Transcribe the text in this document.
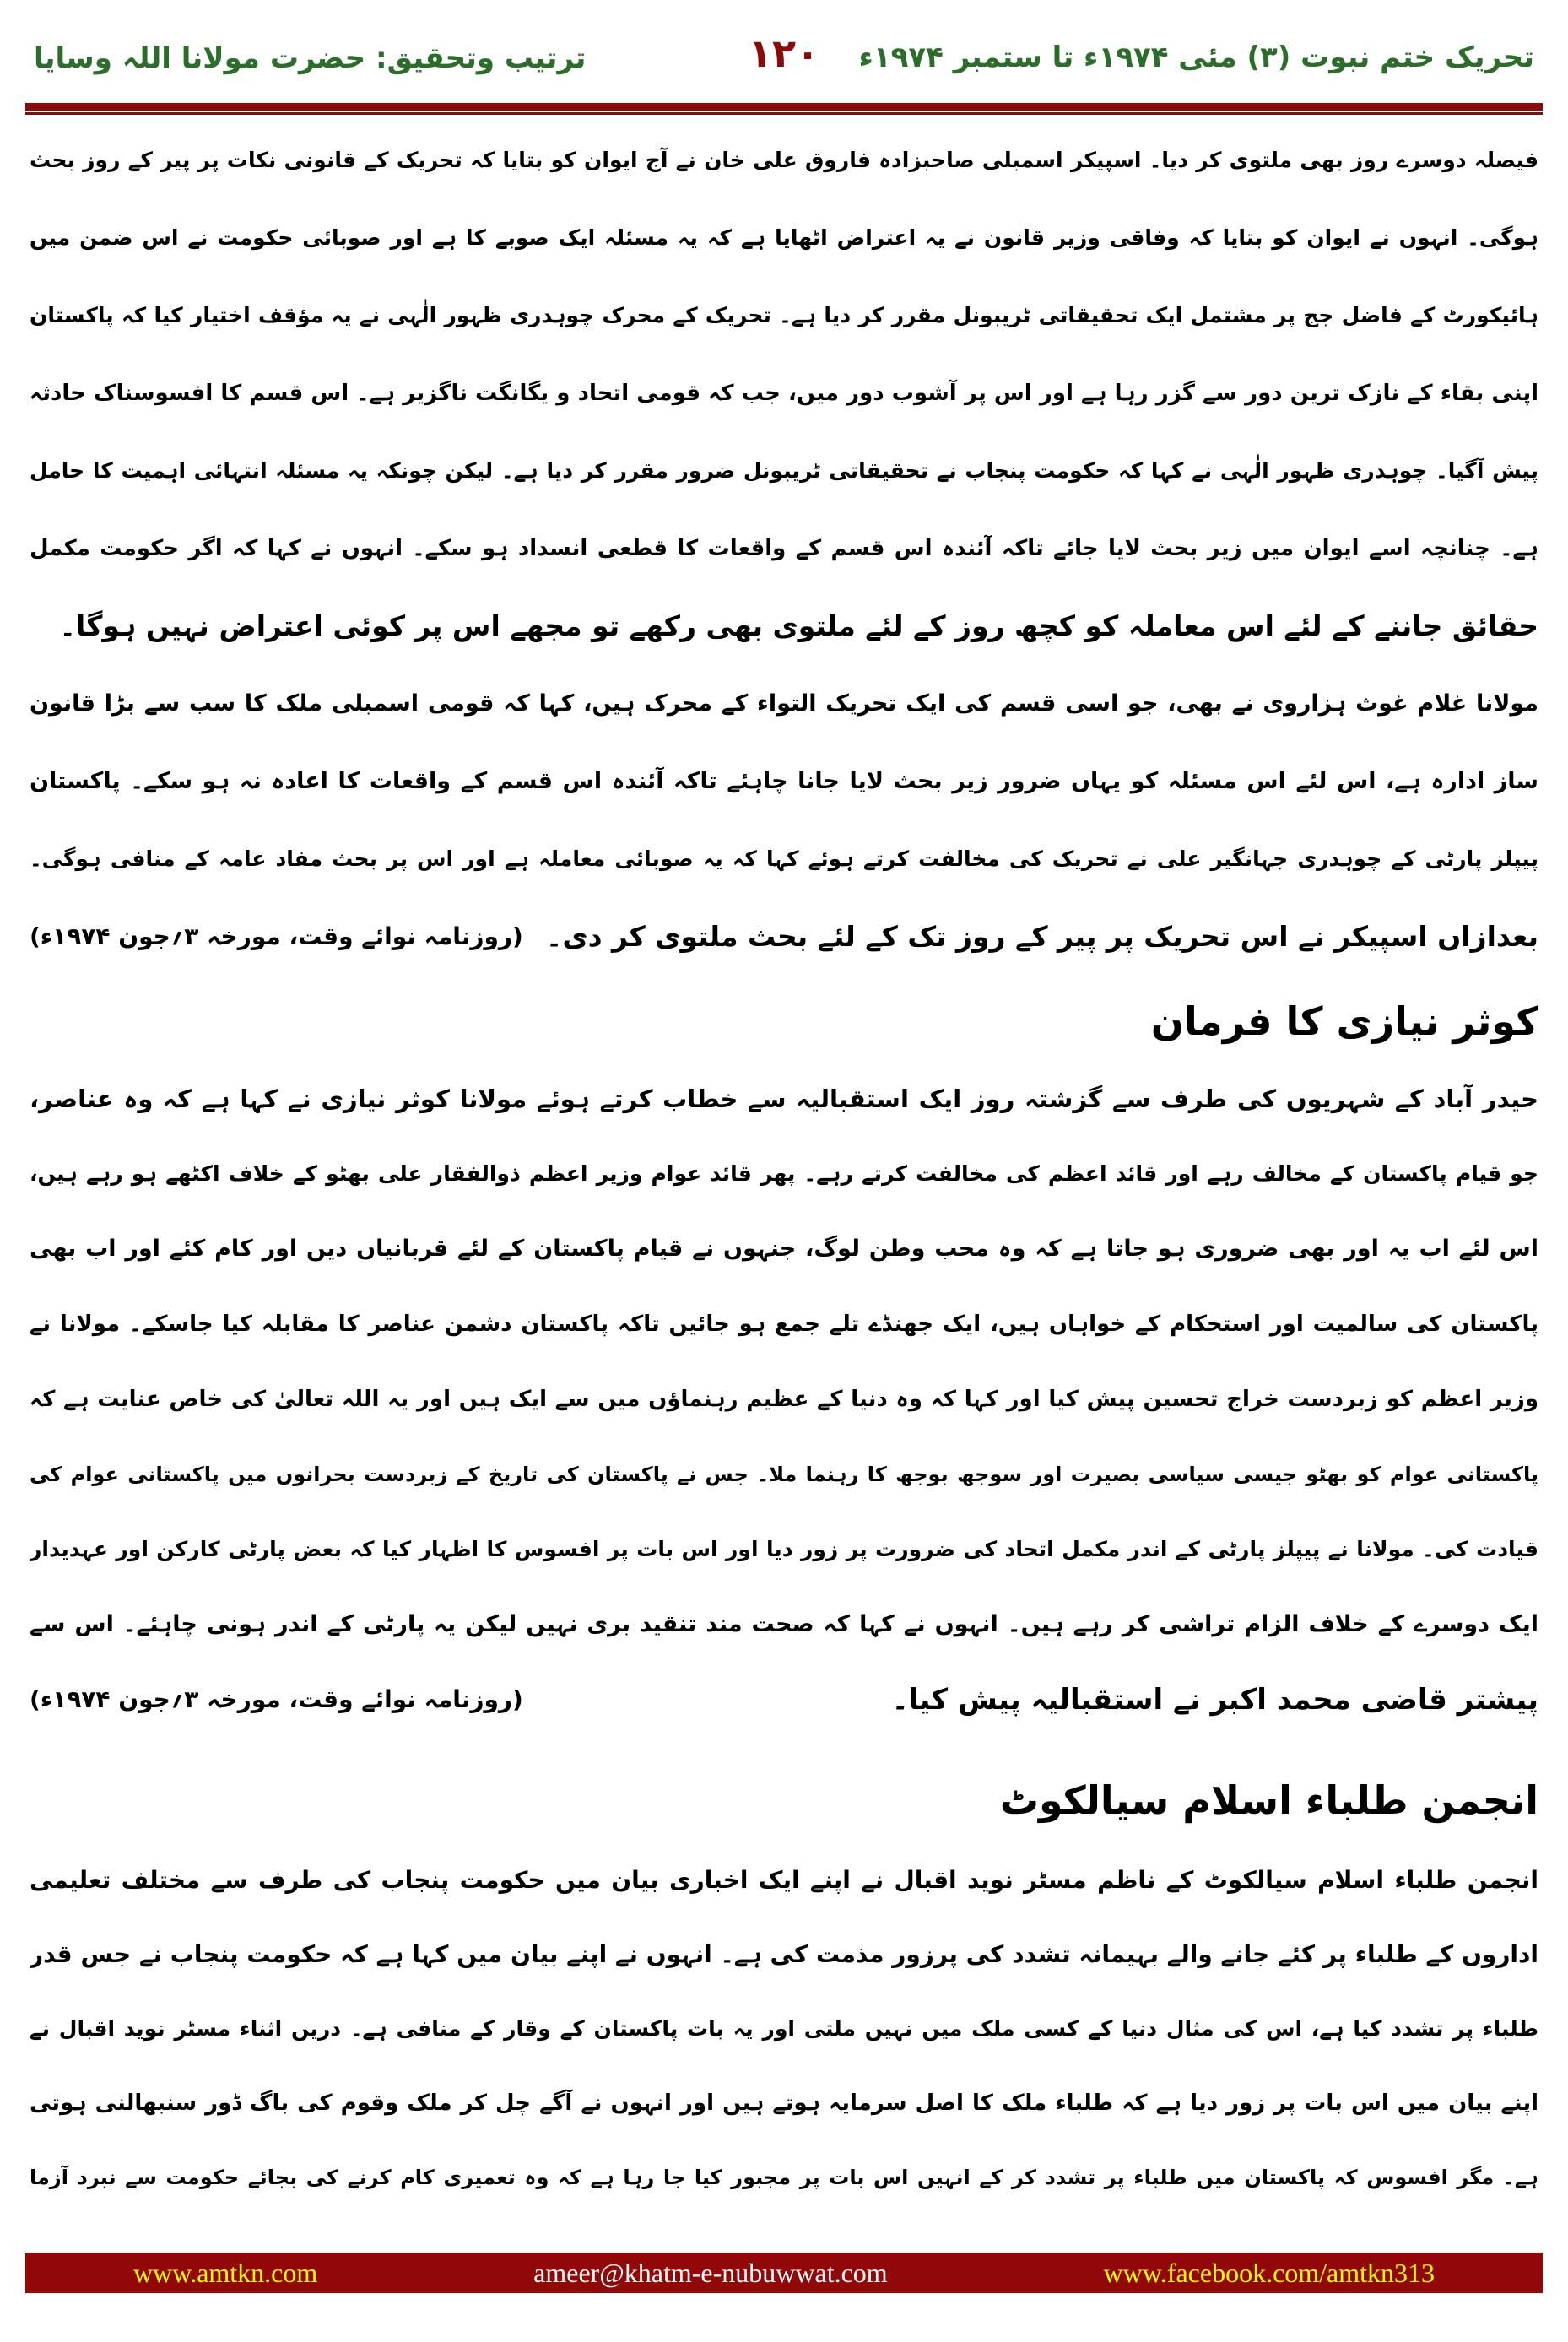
تحریک ختم نبوت (۳) مئی ۱۹۷۴ء تا ستمبر ۱۹۷۴ء
۱۲۰
ترتیب وتحقیق: حضرت مولانا اللہ وسایا
فیصلہ دوسرے روز بھی ملتوی کر دیا۔ اسپیکر اسمبلی صاحبزادہ فاروق علی خان نے آج ایوان کو بتایا کہ تحریک کے قانونی نکات پر پیر کے روز بحث
ہوگی۔ انہوں نے ایوان کو بتایا کہ وفاقی وزیر قانون نے یہ اعتراض اٹھایا ہے کہ یہ مسئلہ ایک صوبے کا ہے اور صوبائی حکومت نے اس ضمن میں
ہائیکورٹ کے فاضل جج پر مشتمل ایک تحقیقاتی ٹریبونل مقرر کر دیا ہے۔ تحریک کے محرک چوہدری ظہور الٰہی نے یہ مؤقف اختیار کیا کہ پاکستان
اپنی بقاء کے نازک ترین دور سے گزر رہا ہے اور اس پر آشوب دور میں، جب کہ قومی اتحاد و یگانگت ناگزیر ہے۔ اس قسم کا افسوسناک حادثہ
پیش آگیا۔ چوہدری ظہور الٰہی نے کہا کہ حکومت پنجاب نے تحقیقاتی ٹریبونل ضرور مقرر کر دیا ہے۔ لیکن چونکہ یہ مسئلہ انتہائی اہمیت کا حامل
ہے۔ چنانچہ اسے ایوان میں زیر بحث لایا جائے تاکہ آئندہ اس قسم کے واقعات کا قطعی انسداد ہو سکے۔ انہوں نے کہا کہ اگر حکومت مکمل
حقائق جاننے کے لئے اس معاملہ کو کچھ روز کے لئے ملتوی بھی رکھے تو مجھے اس پر کوئی اعتراض نہیں ہوگا۔
مولانا غلام غوث ہزاروی نے بھی، جو اسی قسم کی ایک تحریک التواء کے محرک ہیں، کہا کہ قومی اسمبلی ملک کا سب سے بڑا قانون
ساز ادارہ ہے، اس لئے اس مسئلہ کو یہاں ضرور زیر بحث لایا جانا چاہئے تاکہ آئندہ اس قسم کے واقعات کا اعادہ نہ ہو سکے۔ پاکستان
پیپلز پارٹی کے چوہدری جہانگیر علی نے تحریک کی مخالفت کرتے ہوئے کہا کہ یہ صوبائی معاملہ ہے اور اس پر بحث مفاد عامہ کے منافی ہوگی۔
بعدازاں اسپیکر نے اس تحریک پر پیر کے روز تک کے لئے بحث ملتوی کر دی۔
(روزنامہ نوائے وقت، مورخہ ۳؍جون ۱۹۷۴ء)
کوثر نیازی کا فرمان
حیدر آباد کے شہریوں کی طرف سے گزشتہ روز ایک استقبالیہ سے خطاب کرتے ہوئے مولانا کوثر نیازی نے کہا ہے کہ وہ عناصر،
جو قیام پاکستان کے مخالف رہے اور قائد اعظم کی مخالفت کرتے رہے۔ پھر قائد عوام وزیر اعظم ذوالفقار علی بھٹو کے خلاف اکٹھے ہو رہے ہیں،
اس لئے اب یہ اور بھی ضروری ہو جاتا ہے کہ وہ محب وطن لوگ، جنہوں نے قیام پاکستان کے لئے قربانیاں دیں اور کام کئے اور اب بھی
پاکستان کی سالمیت اور استحکام کے خواہاں ہیں، ایک جھنڈے تلے جمع ہو جائیں تاکہ پاکستان دشمن عناصر کا مقابلہ کیا جاسکے۔ مولانا نے
وزیر اعظم کو زبردست خراج تحسین پیش کیا اور کہا کہ وہ دنیا کے عظیم رہنماؤں میں سے ایک ہیں اور یہ اللہ تعالیٰ کی خاص عنایت ہے کہ
پاکستانی عوام کو بھٹو جیسی سیاسی بصیرت اور سوجھ بوجھ کا رہنما ملا۔ جس نے پاکستان کی تاریخ کے زبردست بحرانوں میں پاکستانی عوام کی
قیادت کی۔ مولانا نے پیپلز پارٹی کے اندر مکمل اتحاد کی ضرورت پر زور دیا اور اس بات پر افسوس کا اظہار کیا کہ بعض پارٹی کارکن اور عہدیدار
ایک دوسرے کے خلاف الزام تراشی کر رہے ہیں۔ انہوں نے کہا کہ صحت مند تنقید بری نہیں لیکن یہ پارٹی کے اندر ہونی چاہئے۔ اس سے
پیشتر قاضی محمد اکبر نے استقبالیہ پیش کیا۔
(روزنامہ نوائے وقت، مورخہ ۳؍جون ۱۹۷۴ء)
انجمن طلباء اسلام سیالکوٹ
انجمن طلباء اسلام سیالکوٹ کے ناظم مسٹر نوید اقبال نے اپنے ایک اخباری بیان میں حکومت پنجاب کی طرف سے مختلف تعلیمی
اداروں کے طلباء پر کئے جانے والے بہیمانہ تشدد کی پرزور مذمت کی ہے۔ انہوں نے اپنے بیان میں کہا ہے کہ حکومت پنجاب نے جس قدر
طلباء پر تشدد کیا ہے، اس کی مثال دنیا کے کسی ملک میں نہیں ملتی اور یہ بات پاکستان کے وقار کے منافی ہے۔ دریں اثناء مسٹر نوید اقبال نے
اپنے بیان میں اس بات پر زور دیا ہے کہ طلباء ملک کا اصل سرمایہ ہوتے ہیں اور انہوں نے آگے چل کر ملک وقوم کی باگ ڈور سنبھالنی ہوتی
ہے۔ مگر افسوس کہ پاکستان میں طلباء پر تشدد کر کے انہیں اس بات پر مجبور کیا جا رہا ہے کہ وہ تعمیری کام کرنے کی بجائے حکومت سے نبرد آزما
www.amtkn.com	ameer@khatm-e-nubuwwat.com	www.facebook.com/amtkn313
